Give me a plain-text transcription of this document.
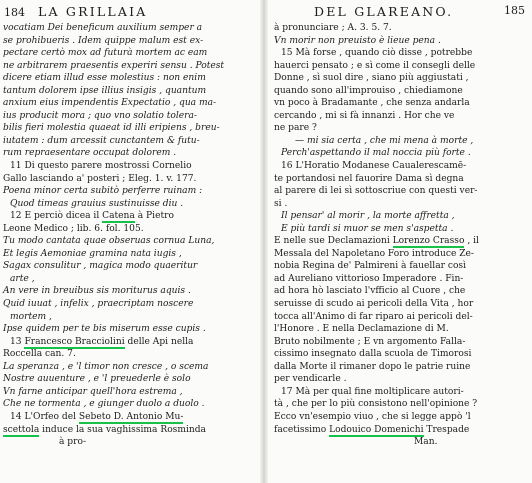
184 LA GRILLAIA
vocatiam Dei beneficum auxilium semper a
se prohibueris . Idem quippe malum est ex-
pectare certò mox ad futurà mortem ac eam
ne arbitrarem praesentis experiri sensu . Potest
dicere etiam illud esse molestius : non enim
tantum dolorem ipse illius insigis , quantum
anxium eius impendentis Expectatio , qua ma-
ius producit mora ; quo vno solatio tolera-
bilis fieri molestia quaeat id illi eripiens , breu-
iutatem : dum arcessit cunctantem & futu-
rum repraesentare occupat dolorem .
11 Di questo parere mostrossi Cornelio
Gallo lasciando a' posteri ; Eleg. 1. v. 177.
Poena minor certa subitò perferre ruinam :
Quod timeas grauius sustinuisse diu .
12 E perciò dicea il Catena à Pietro
Leone Medico ; lib. 6. fol. 105.
Tu modo cantata quae obseruas cornua Luna,
Et legis Aemoniae gramina nata iugis ,
Sagax consulitur , magica modo quaeritur
arte ,
An vere in breuibus sis moriturus aquis .
Quid iuuat , infelix , praecriptam noscere
mortem ,
Ipse quidem per te bis miserum esse cupis .
13 Francesco Bracciolini delle Api nella
Roccella can. 7.
La speranza , e 'l timor non cresce , o scema
Nostre auuenture , e 'l preuederle è solo
Vn farne anticipar quell'hora estrema ,
Che ne tormenta , e giunger duolo a duolo .
14 L'Orfeo del Sebeto D. Antonio Mu-
scettola induce la sua vaghissima Rosminda
à pro-
DEL GLAREANO.	185
à pronunciare ; A. 3. 5. 7.
Vn morir non preuisto è lieue pena .
15 Mà forse , quando ciò disse , potrebbe
hauerci pensato ; e sì come il consegli delle
Donne , sì suol dire , siano più aggiustati ,
quando sono all'improuiso , chiediamone
vn poco à Bradamante , che senza andarla
cercando , mi si fà innanzi . Hor che ve
ne pare ?
— mi sia certa , che mi mena à morte ,
Perch'aspettando il mal noccia più forte .
16 L'Horatio Modanese Caualerescamē-
te portandosi nel fauorire Dama sì degna
al parere di lei sì sottoscriue con questi ver-
si .
Il pensar' al morir , la morte affretta ,
E più tardi si muor se men s'aspetta .
E nelle sue Declamazioni Lorenzo Crasso , il
Messala del Napoletano Foro introduce Ze-
nobia Regina de' Palmireni à fauellar così
ad Aureliano vittorioso Imperadore . Fin-
ad hora hò lasciato l'vfficio al Cuore , che
seruisse di scudo ai pericoli della Vita , hor
tocca all'Animo di far riparo ai pericoli del-
l'Honore . E nella Declamazione di M.
Bruto nobilmente ; E vn argomento Falla-
cissimo insegnato dalla scuola de Timorosi
dalla Morte il rimaner dopo le patrie ruine
per vendicarle .
17 Mà per qual fine moltiplicare autori-
tà , che per lo più consistono nell'opinione ?
Ecco vn'esempio viuo , che si legge appò 'l
facetissimo Lodouico Domenichi Trespade
Man.
